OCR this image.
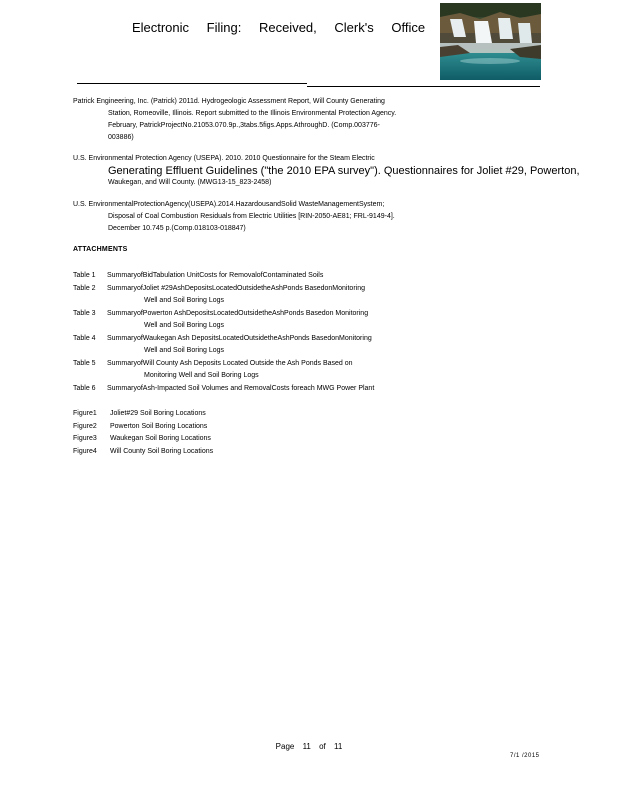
Electronic Filing: Received, Clerk's Office
Patrick Engineering, Inc. (Patrick) 2011d. Hydrogeologic Assessment Report, Will County Generating
Station, Romeoville, Illinois. Report submitted to the Illinois Environmental Protection Agency.
February, PatrickProjectNo.21053.070.9p.,3tabs.5figs.Apps.AthroughD. (Comp.003776-
003886)
U.S. Environmental Protection Agency (USEPA). 2010. 2010 Questionnaire for the Steam Electric
Generating Effluent Guidelines ("the 2010 EPA survey"). Questionnaires for Joliet #29, Powerton,
Waukegan, and Will County. (MWG13-15_823-2458)
U.S. EnvironmentalProtectionAgency(USEPA).2014.HazardousandSolid WasteManagementSystem;
Disposal of Coal Combustion Residuals from Electric Utilities [RIN-2050-AE81; FRL-9149-4].
December 10.745 p.(Comp.018103-018847)
ATTACHMENTS
Table 1	SummaryofBidTabulation UnitCosts for RemovalofContaminated Soils
Table 2	SummaryofJoliet #29AshDepositsLocatedOutsidetheAshPonds BasedonMonitoring
Well and Soil Boring Logs
Table 3	SummaryofPowerton AshDepositsLocatedOutsidetheAshPonds Basedon Monitoring
Well and Soil Boring Logs
Table 4	SummaryofWaukegan Ash DepositsLocatedOutsidetheAshPonds BasedonMonitoring
Well and Soil Boring Logs
Table 5	SummaryofWill County Ash Deposits Located Outside the Ash Ponds Based on
Monitoring Well and Soil Boring Logs
Table 6	SummaryofAsh-Impacted Soil Volumes and RemovalCosts foreach MWG Power Plant
Figure1	Joliet#29 Soil Boring Locations
Figure2	Powerton Soil Boring Locations
Figure3	Waukegan Soil Boring Locations
Figure4	Will County Soil Boring Locations
Page 11 of 11
7/1 /2015
